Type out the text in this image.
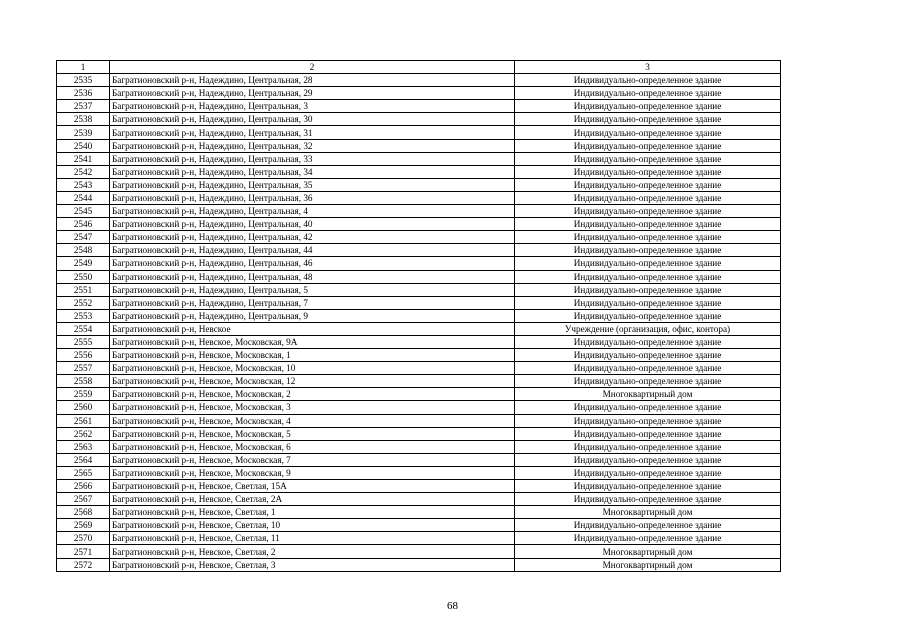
1	2	3
2535	Багратионовский р-н, Надеждино, Центральная, 28	Индивидуально-определенное здание
2536	Багратионовский р-н, Надеждино, Центральная, 29	Индивидуально-определенное здание
2537	Багратионовский р-н, Надеждино, Центральная, 3	Индивидуально-определенное здание
2538	Багратионовский р-н, Надеждино, Центральная, 30	Индивидуально-определенное здание
2539	Багратионовский р-н, Надеждино, Центральная, 31	Индивидуально-определенное здание
2540	Багратионовский р-н, Надеждино, Центральная, 32	Индивидуально-определенное здание
2541	Багратионовский р-н, Надеждино, Центральная, 33	Индивидуально-определенное здание
2542	Багратионовский р-н, Надеждино, Центральная, 34	Индивидуально-определенное здание
2543	Багратионовский р-н, Надеждино, Центральная, 35	Индивидуально-определенное здание
2544	Багратионовский р-н, Надеждино, Центральная, 36	Индивидуально-определенное здание
2545	Багратионовский р-н, Надеждино, Центральная, 4	Индивидуально-определенное здание
2546	Багратионовский р-н, Надеждино, Центральная, 40	Индивидуально-определенное здание
2547	Багратионовский р-н, Надеждино, Центральная, 42	Индивидуально-определенное здание
2548	Багратионовский р-н, Надеждино, Центральная, 44	Индивидуально-определенное здание
2549	Багратионовский р-н, Надеждино, Центральная, 46	Индивидуально-определенное здание
2550	Багратионовский р-н, Надеждино, Центральная, 48	Индивидуально-определенное здание
2551	Багратионовский р-н, Надеждино, Центральная, 5	Индивидуально-определенное здание
2552	Багратионовский р-н, Надеждино, Центральная, 7	Индивидуально-определенное здание
2553	Багратионовский р-н, Надеждино, Центральная, 9	Индивидуально-определенное здание
2554	Багратионовский р-н, Невское	Учреждение (организация, офис, контора)
2555	Багратионовский р-н, Невское, Московская, 9А	Индивидуально-определенное здание
2556	Багратионовский р-н, Невское, Московская, 1	Индивидуально-определенное здание
2557	Багратионовский р-н, Невское, Московская, 10	Индивидуально-определенное здание
2558	Багратионовский р-н, Невское, Московская, 12	Индивидуально-определенное здание
2559	Багратионовский р-н, Невское, Московская, 2	Многоквартирный дом
2560	Багратионовский р-н, Невское, Московская, 3	Индивидуально-определенное здание
2561	Багратионовский р-н, Невское, Московская, 4	Индивидуально-определенное здание
2562	Багратионовский р-н, Невское, Московская, 5	Индивидуально-определенное здание
2563	Багратионовский р-н, Невское, Московская, 6	Индивидуально-определенное здание
2564	Багратионовский р-н, Невское, Московская, 7	Индивидуально-определенное здание
2565	Багратионовский р-н, Невское, Московская, 9	Индивидуально-определенное здание
2566	Багратионовский р-н, Невское, Светлая, 15А	Индивидуально-определенное здание
2567	Багратионовский р-н, Невское, Светлая, 2А	Индивидуально-определенное здание
2568	Багратионовский р-н, Невское, Светлая, 1	Многоквартирный дом
2569	Багратионовский р-н, Невское, Светлая, 10	Индивидуально-определенное здание
2570	Багратионовский р-н, Невское, Светлая, 11	Индивидуально-определенное здание
2571	Багратионовский р-н, Невское, Светлая, 2	Многоквартирный дом
2572	Багратионовский р-н, Невское, Светлая, 3	Многоквартирный дом
68
